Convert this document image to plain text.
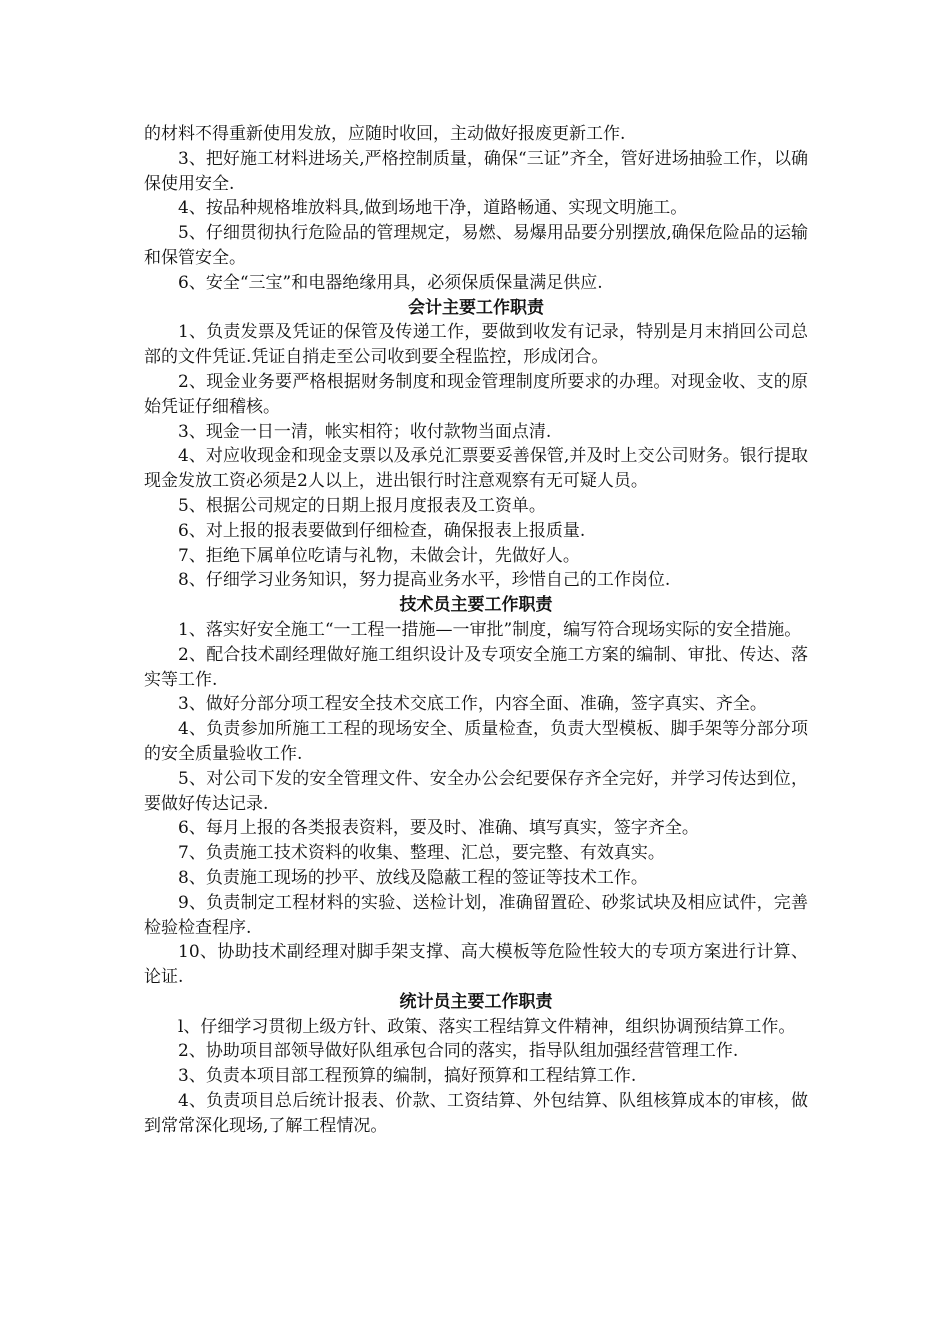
的材料不得重新使用发放，应随时收回，主动做好报废更新工作.

3、把好施工材料进场关,严格控制质量，确保“三证”齐全，管好进场抽验工作，以确保使用安全.

4、按品种规格堆放料具,做到场地干净，道路畅通、实现文明施工。

5、仔细贯彻执行危险品的管理规定，易燃、易爆用品要分别摆放,确保危险品的运输和保管安全。

6、安全“三宝”和电器绝缘用具，必须保质保量满足供应.

会计主要工作职责

1、负责发票及凭证的保管及传递工作，要做到收发有记录，特别是月末捎回公司总部的文件凭证.凭证自捎走至公司收到要全程监控，形成闭合。

2、现金业务要严格根据财务制度和现金管理制度所要求的办理。对现金收、支的原始凭证仔细稽核。

3、现金一日一清，帐实相符；收付款物当面点清.

4、对应收现金和现金支票以及承兑汇票要妥善保管,并及时上交公司财务。银行提取现金发放工资必须是2人以上，进出银行时注意观察有无可疑人员。

5、根据公司规定的日期上报月度报表及工资单。

6、对上报的报表要做到仔细检查，确保报表上报质量.

7、拒绝下属单位吃请与礼物，未做会计，先做好人。

8、仔细学习业务知识，努力提高业务水平，珍惜自己的工作岗位.

技术员主要工作职责

1、落实好安全施工“一工程一措施—一审批”制度，编写符合现场实际的安全措施。

2、配合技术副经理做好施工组织设计及专项安全施工方案的编制、审批、传达、落实等工作.

3、做好分部分项工程安全技术交底工作，内容全面、准确，签字真实、齐全。

4、负责参加所施工工程的现场安全、质量检查，负责大型模板、脚手架等分部分项的安全质量验收工作.

5、对公司下发的安全管理文件、安全办公会纪要保存齐全完好，并学习传达到位，要做好传达记录.

6、每月上报的各类报表资料，要及时、准确、填写真实，签字齐全。

7、负责施工技术资料的收集、整理、汇总，要完整、有效真实。

8、负责施工现场的抄平、放线及隐蔽工程的签证等技术工作。

9、负责制定工程材料的实验、送检计划，准确留置砼、砂浆试块及相应试件，完善检验检查程序.

10、协助技术副经理对脚手架支撑、高大模板等危险性较大的专项方案进行计算、论证.

统计员主要工作职责

l、仔细学习贯彻上级方针、政策、落实工程结算文件精神，组织协调预结算工作。

2、协助项目部领导做好队组承包合同的落实，指导队组加强经营管理工作.

3、负责本项目部工程预算的编制，搞好预算和工程结算工作.

4、负责项目总后统计报表、价款、工资结算、外包结算、队组核算成本的审核，做到常常深化现场,了解工程情况。
